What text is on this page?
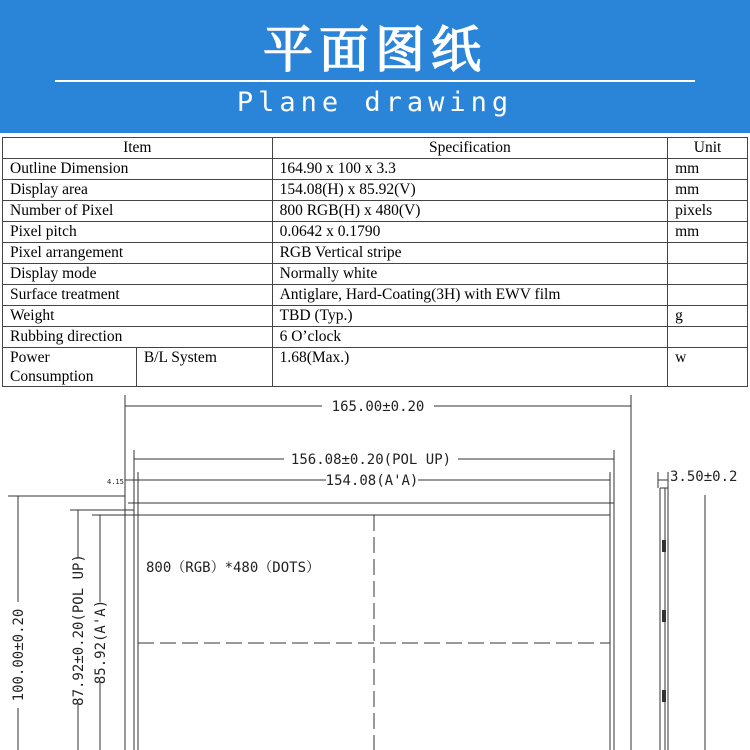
平面图纸
Plane drawing
Item		Specification	Unit
Outline Dimension		164.90 x 100 x 3.3	mm
Display area		154.08(H) x 85.92(V)	mm
Number of Pixel		800 RGB(H) x 480(V)	pixels
Pixel pitch		0.0642 x 0.1790	mm
Pixel arrangement		RGB Vertical stripe	
Display mode		Normally white	
Surface treatment		Antiglare, Hard-Coating(3H) with EWV film	
Weight		TBD (Typ.)	g
Rubbing direction		6 O’clock	
Power Consumption	B/L System	1.68(Max.)	w
165.00±0.20
156.08±0.20(POL UP)
154.08(A'A)
4.15	3.50±0.2
800（RGB）*480（DOTS）
100.00±0.20	87.92±0.20(POL UP) 85.92(A'A)
